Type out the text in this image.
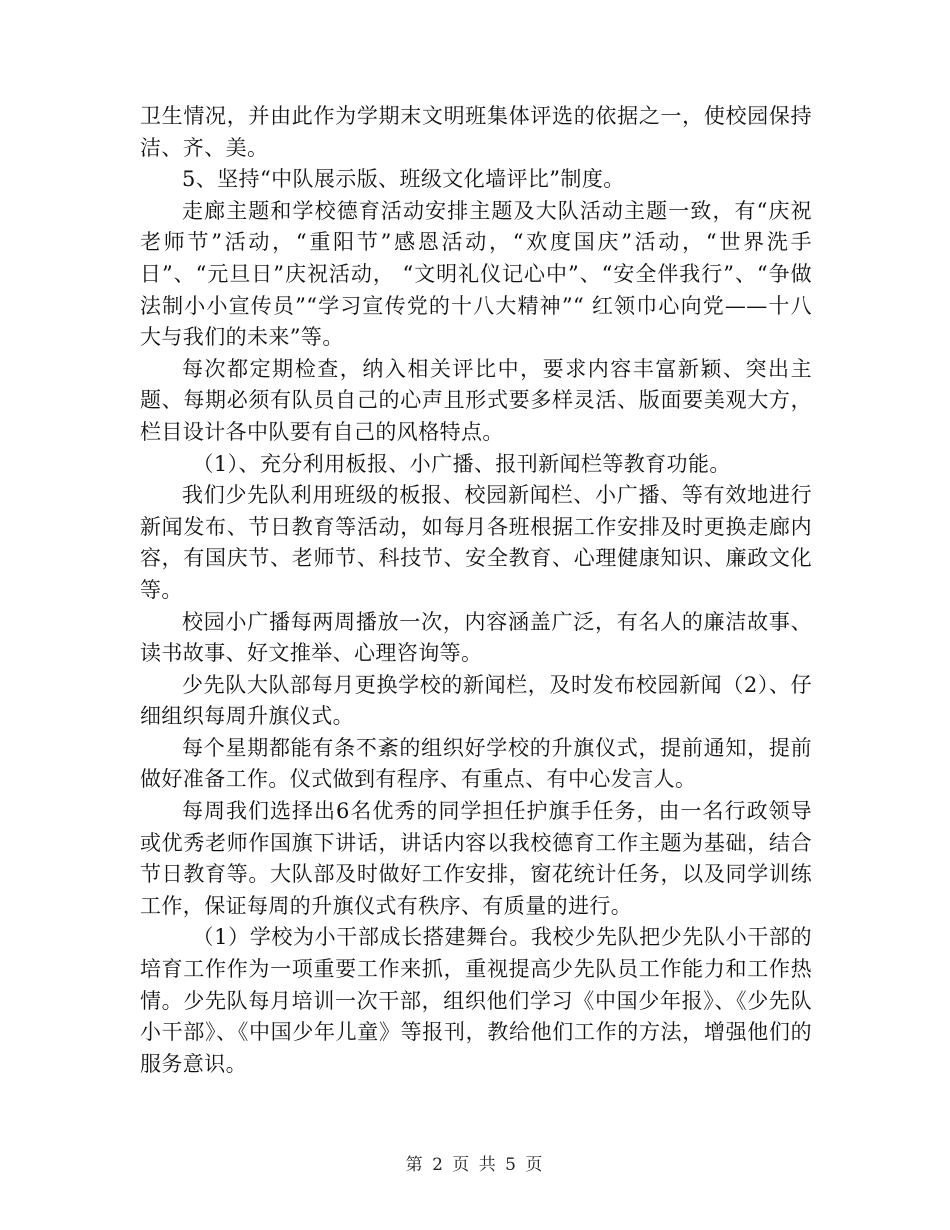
卫生情况，并由此作为学期末文明班集体评选的依据之一，使校园保持洁、齐、美。

5、坚持“中队展示版、班级文化墙评比”制度。

走廊主题和学校德育活动安排主题及大队活动主题一致，有“庆祝老师节”活动，“重阳节”感恩活动，“欢度国庆”活动，“世界洗手日”、“元旦日”庆祝活动， “文明礼仪记心中”、“安全伴我行”、“争做法制小小宣传员”“学习宣传党的十八大精神”“ 红领巾心向党——十八大与我们的未来”等。

每次都定期检查，纳入相关评比中，要求内容丰富新颖、突出主题、每期必须有队员自己的心声且形式要多样灵活、版面要美观大方，栏目设计各中队要有自己的风格特点。

（1）、充分利用板报、小广播、报刊新闻栏等教育功能。

我们少先队利用班级的板报、校园新闻栏、小广播、等有效地进行新闻发布、节日教育等活动，如每月各班根据工作安排及时更换走廊内容，有国庆节、老师节、科技节、安全教育、心理健康知识、廉政文化等。

校园小广播每两周播放一次，内容涵盖广泛，有名人的廉洁故事、读书故事、好文推举、心理咨询等。

少先队大队部每月更换学校的新闻栏，及时发布校园新闻（2）、仔细组织每周升旗仪式。

每个星期都能有条不紊的组织好学校的升旗仪式，提前通知，提前做好准备工作。仪式做到有程序、有重点、有中心发言人。

每周我们选择出6名优秀的同学担任护旗手任务，由一名行政领导或优秀老师作国旗下讲话，讲话内容以我校德育工作主题为基础，结合节日教育等。大队部及时做好工作安排，窗花统计任务，以及同学训练工作，保证每周的升旗仪式有秩序、有质量的进行。

（1）学校为小干部成长搭建舞台。我校少先队把少先队小干部的培育工作作为一项重要工作来抓，重视提高少先队员工作能力和工作热情。少先队每月培训一次干部，组织他们学习《中国少年报》、《少先队小干部》、《中国少年儿童》等报刊，教给他们工作的方法，增强他们的服务意识。

第 2 页 共 5 页
